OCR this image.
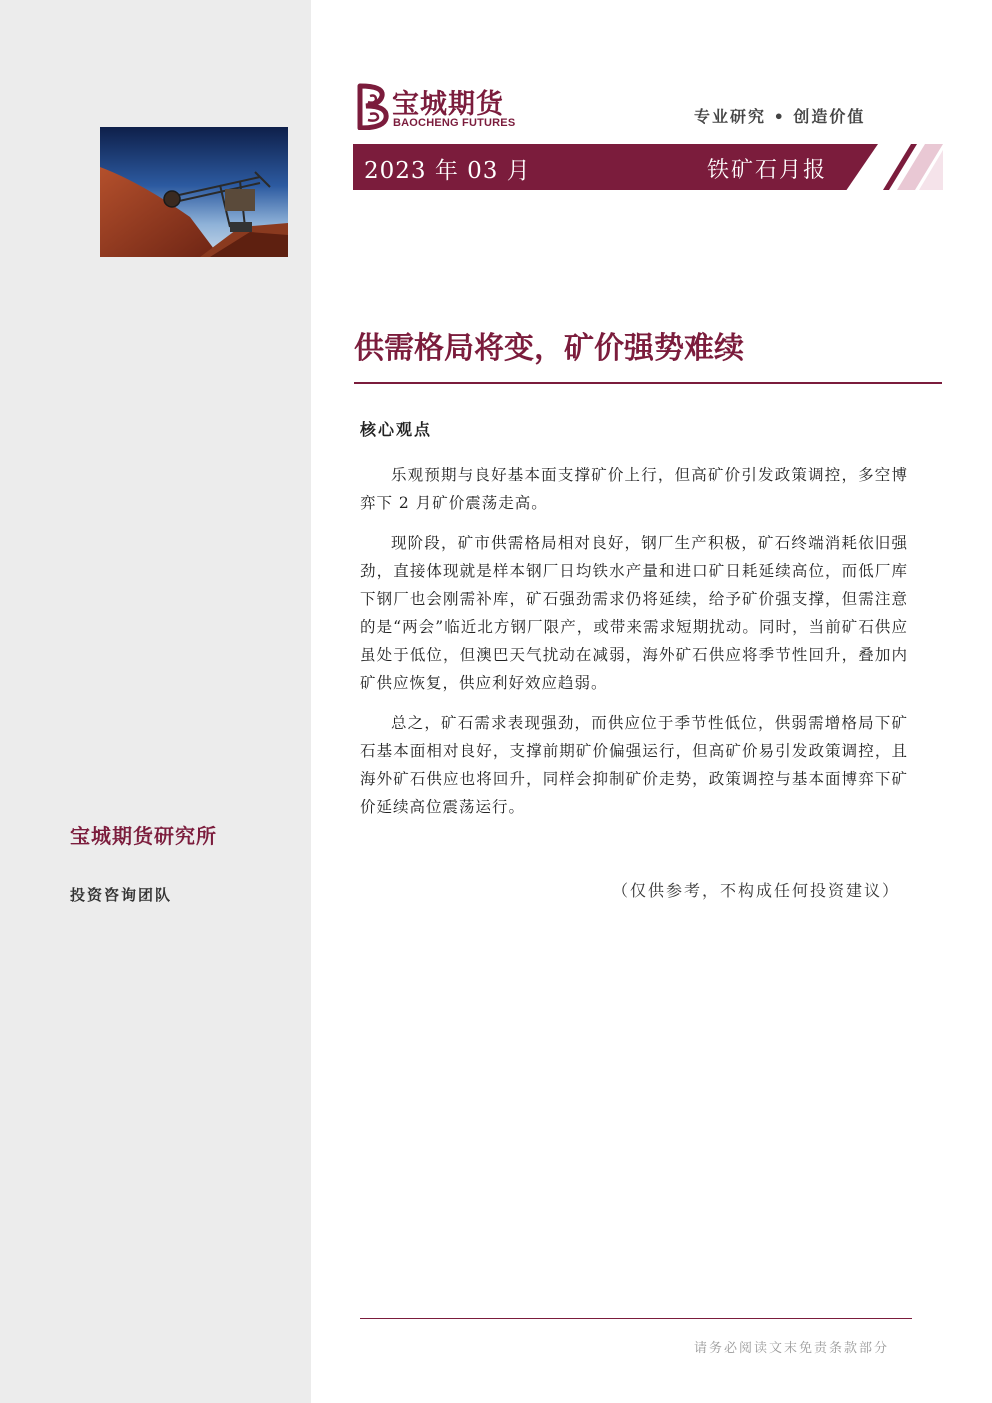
宝城期货研究所
投资咨询团队
宝城期货
BAOCHENG FUTURES	专业研究 • 创造价值
2023 年 03 月	铁矿石月报
供需格局将变，矿价强势难续
核心观点

乐观预期与良好基本面支撑矿价上行，但高矿价引发政策调控，多空博弈下 2 月矿价震荡走高。

现阶段，矿市供需格局相对良好，钢厂生产积极，矿石终端消耗依旧强劲，直接体现就是样本钢厂日均铁水产量和进口矿日耗延续高位，而低厂库下钢厂也会刚需补库，矿石强劲需求仍将延续，给予矿价强支撑，但需注意的是“两会”临近北方钢厂限产，或带来需求短期扰动。同时，当前矿石供应虽处于低位，但澳巴天气扰动在减弱，海外矿石供应将季节性回升，叠加内矿供应恢复，供应利好效应趋弱。

总之，矿石需求表现强劲，而供应位于季节性低位，供弱需增格局下矿石基本面相对良好，支撑前期矿价偏强运行，但高矿价易引发政策调控，且海外矿石供应也将回升，同样会抑制矿价走势，政策调控与基本面博弈下矿价延续高位震荡运行。

（仅供参考，不构成任何投资建议）
请务必阅读文末免责条款部分
